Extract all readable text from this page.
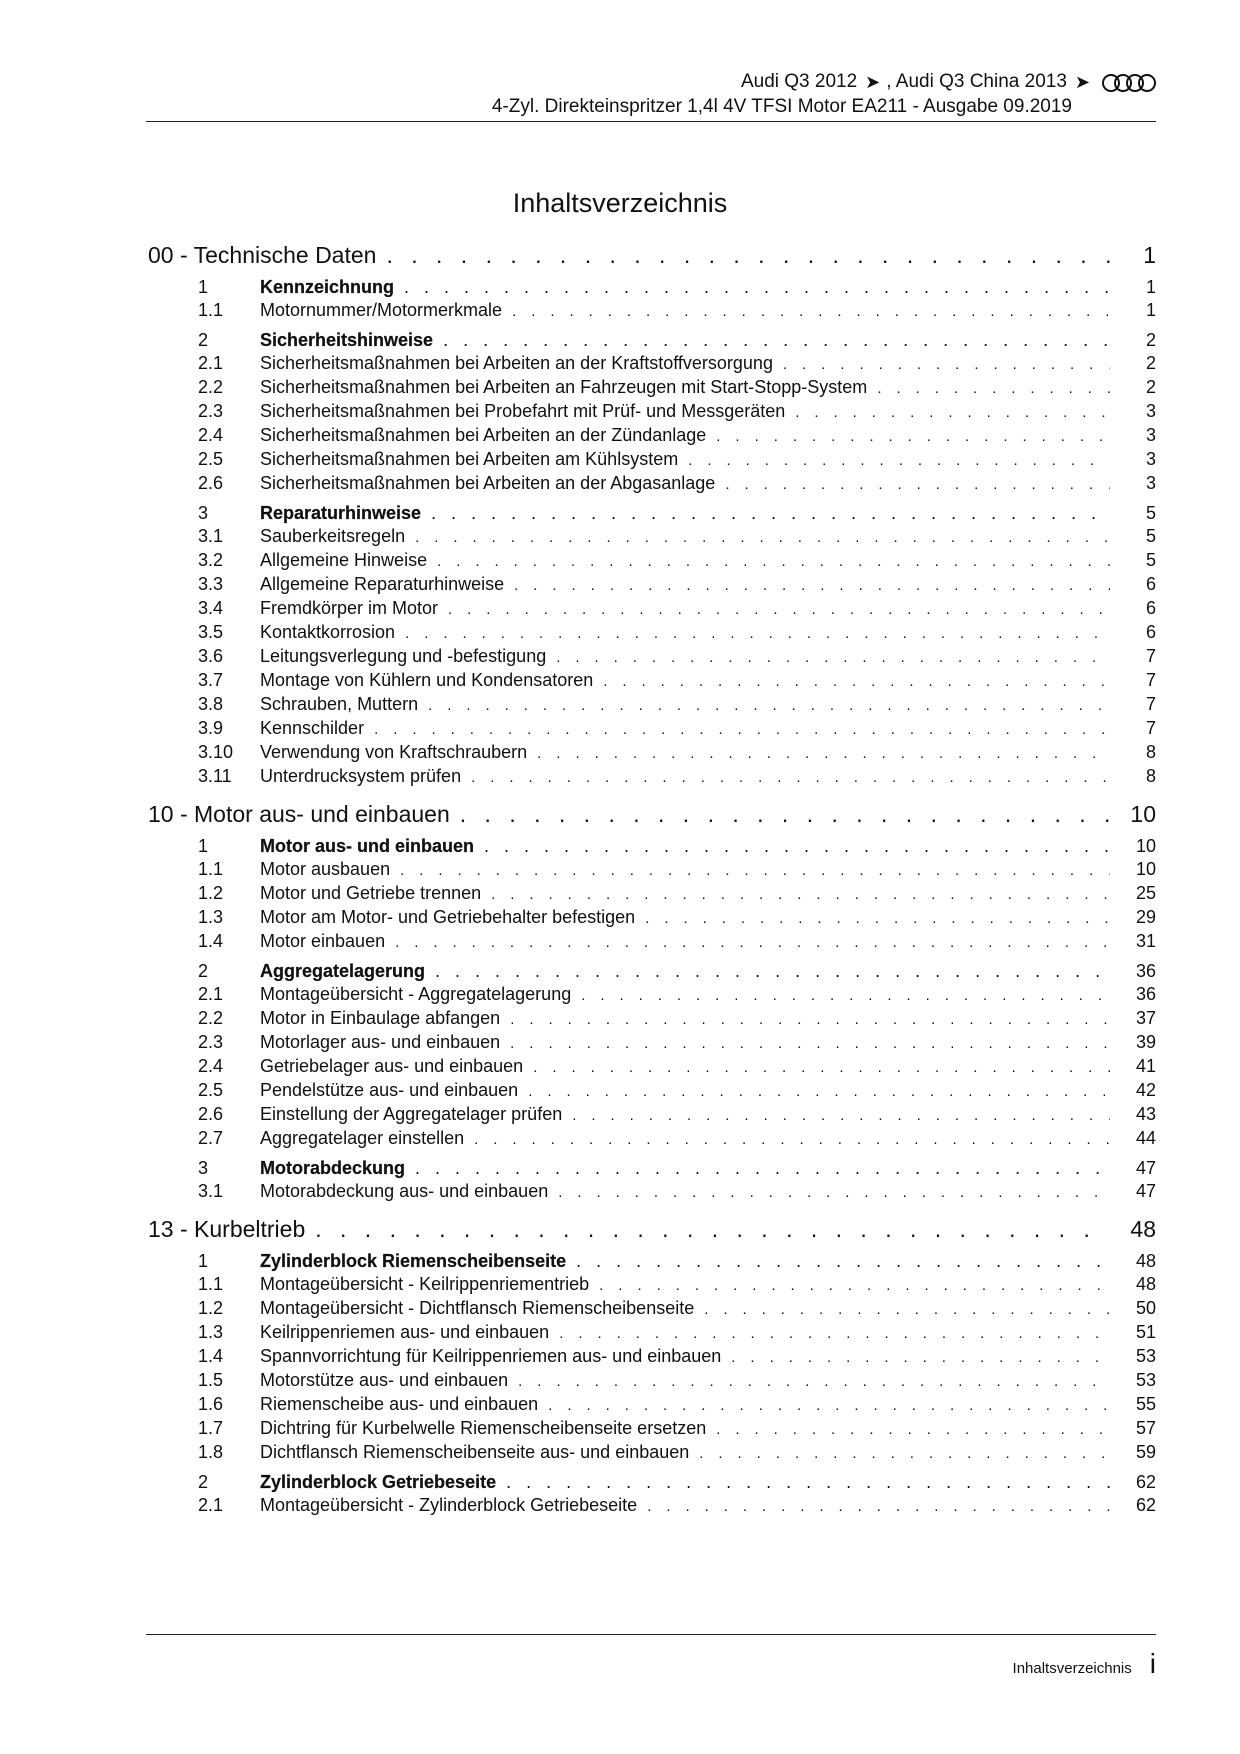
Audi Q3 2012 ➤ , Audi Q3 China 2013 ➤
4-Zyl. Direkteinspritzer 1,4l 4V TFSI Motor EA211 - Ausgabe 09.2019
Inhaltsverzeichnis
00 - Technische Daten . . .	1
1	Kennzeichnung . . .	1
1.1	Motornummer/Motormerkmale . . .	1
2	Sicherheitshinweise . . .	2
2.1	Sicherheitsmaßnahmen bei Arbeiten an der Kraftstoffversorgung . . .	2
2.2	Sicherheitsmaßnahmen bei Arbeiten an Fahrzeugen mit Start-Stopp-System . . .	2
2.3	Sicherheitsmaßnahmen bei Probefahrt mit Prüf- und Messgeräten . . .	3
2.4	Sicherheitsmaßnahmen bei Arbeiten an der Zündanlage . . .	3
2.5	Sicherheitsmaßnahmen bei Arbeiten am Kühlsystem . . .	3
2.6	Sicherheitsmaßnahmen bei Arbeiten an der Abgasanlage . . .	3
3	Reparaturhinweise . . .	5
3.1	Sauberkeitsregeln . . .	5
3.2	Allgemeine Hinweise . . .	5
3.3	Allgemeine Reparaturhinweise . . .	6
3.4	Fremdkörper im Motor . . .	6
3.5	Kontaktkorrosion . . .	6
3.6	Leitungsverlegung und -befestigung . . .	7
3.7	Montage von Kühlern und Kondensatoren . . .	7
3.8	Schrauben, Muttern . . .	7
3.9	Kennschilder . . .	7
3.10	Verwendung von Kraftschraubern . . .	8
3.11	Unterdrucksystem prüfen . . .	8
10 - Motor aus- und einbauen . . .	10
1	Motor aus- und einbauen . . .	10
1.1	Motor ausbauen . . .	10
1.2	Motor und Getriebe trennen . . .	25
1.3	Motor am Motor- und Getriebehalter befestigen . . .	29
1.4	Motor einbauen . . .	31
2	Aggregatelagerung . . .	36
2.1	Montageübersicht - Aggregatelagerung . . .	36
2.2	Motor in Einbaulage abfangen . . .	37
2.3	Motorlager aus- und einbauen . . .	39
2.4	Getriebelager aus- und einbauen . . .	41
2.5	Pendelstütze aus- und einbauen . . .	42
2.6	Einstellung der Aggregatelager prüfen . . .	43
2.7	Aggregatelager einstellen . . .	44
3	Motorabdeckung . . .	47
3.1	Motorabdeckung aus- und einbauen . . .	47
13 - Kurbeltrieb . . .	48
1	Zylinderblock Riemenscheibenseite . . .	48
1.1	Montageübersicht - Keilrippenriementrieb . . .	48
1.2	Montageübersicht - Dichtflansch Riemenscheibenseite . . .	50
1.3	Keilrippenriemen aus- und einbauen . . .	51
1.4	Spannvorrichtung für Keilrippenriemen aus- und einbauen . . .	53
1.5	Motorstütze aus- und einbauen . . .	53
1.6	Riemenscheibe aus- und einbauen . . .	55
1.7	Dichtring für Kurbelwelle Riemenscheibenseite ersetzen . . .	57
1.8	Dichtflansch Riemenscheibenseite aus- und einbauen . . .	59
2	Zylinderblock Getriebeseite . . .	62
2.1	Montageübersicht - Zylinderblock Getriebeseite . . .	62
Inhaltsverzeichnis i
